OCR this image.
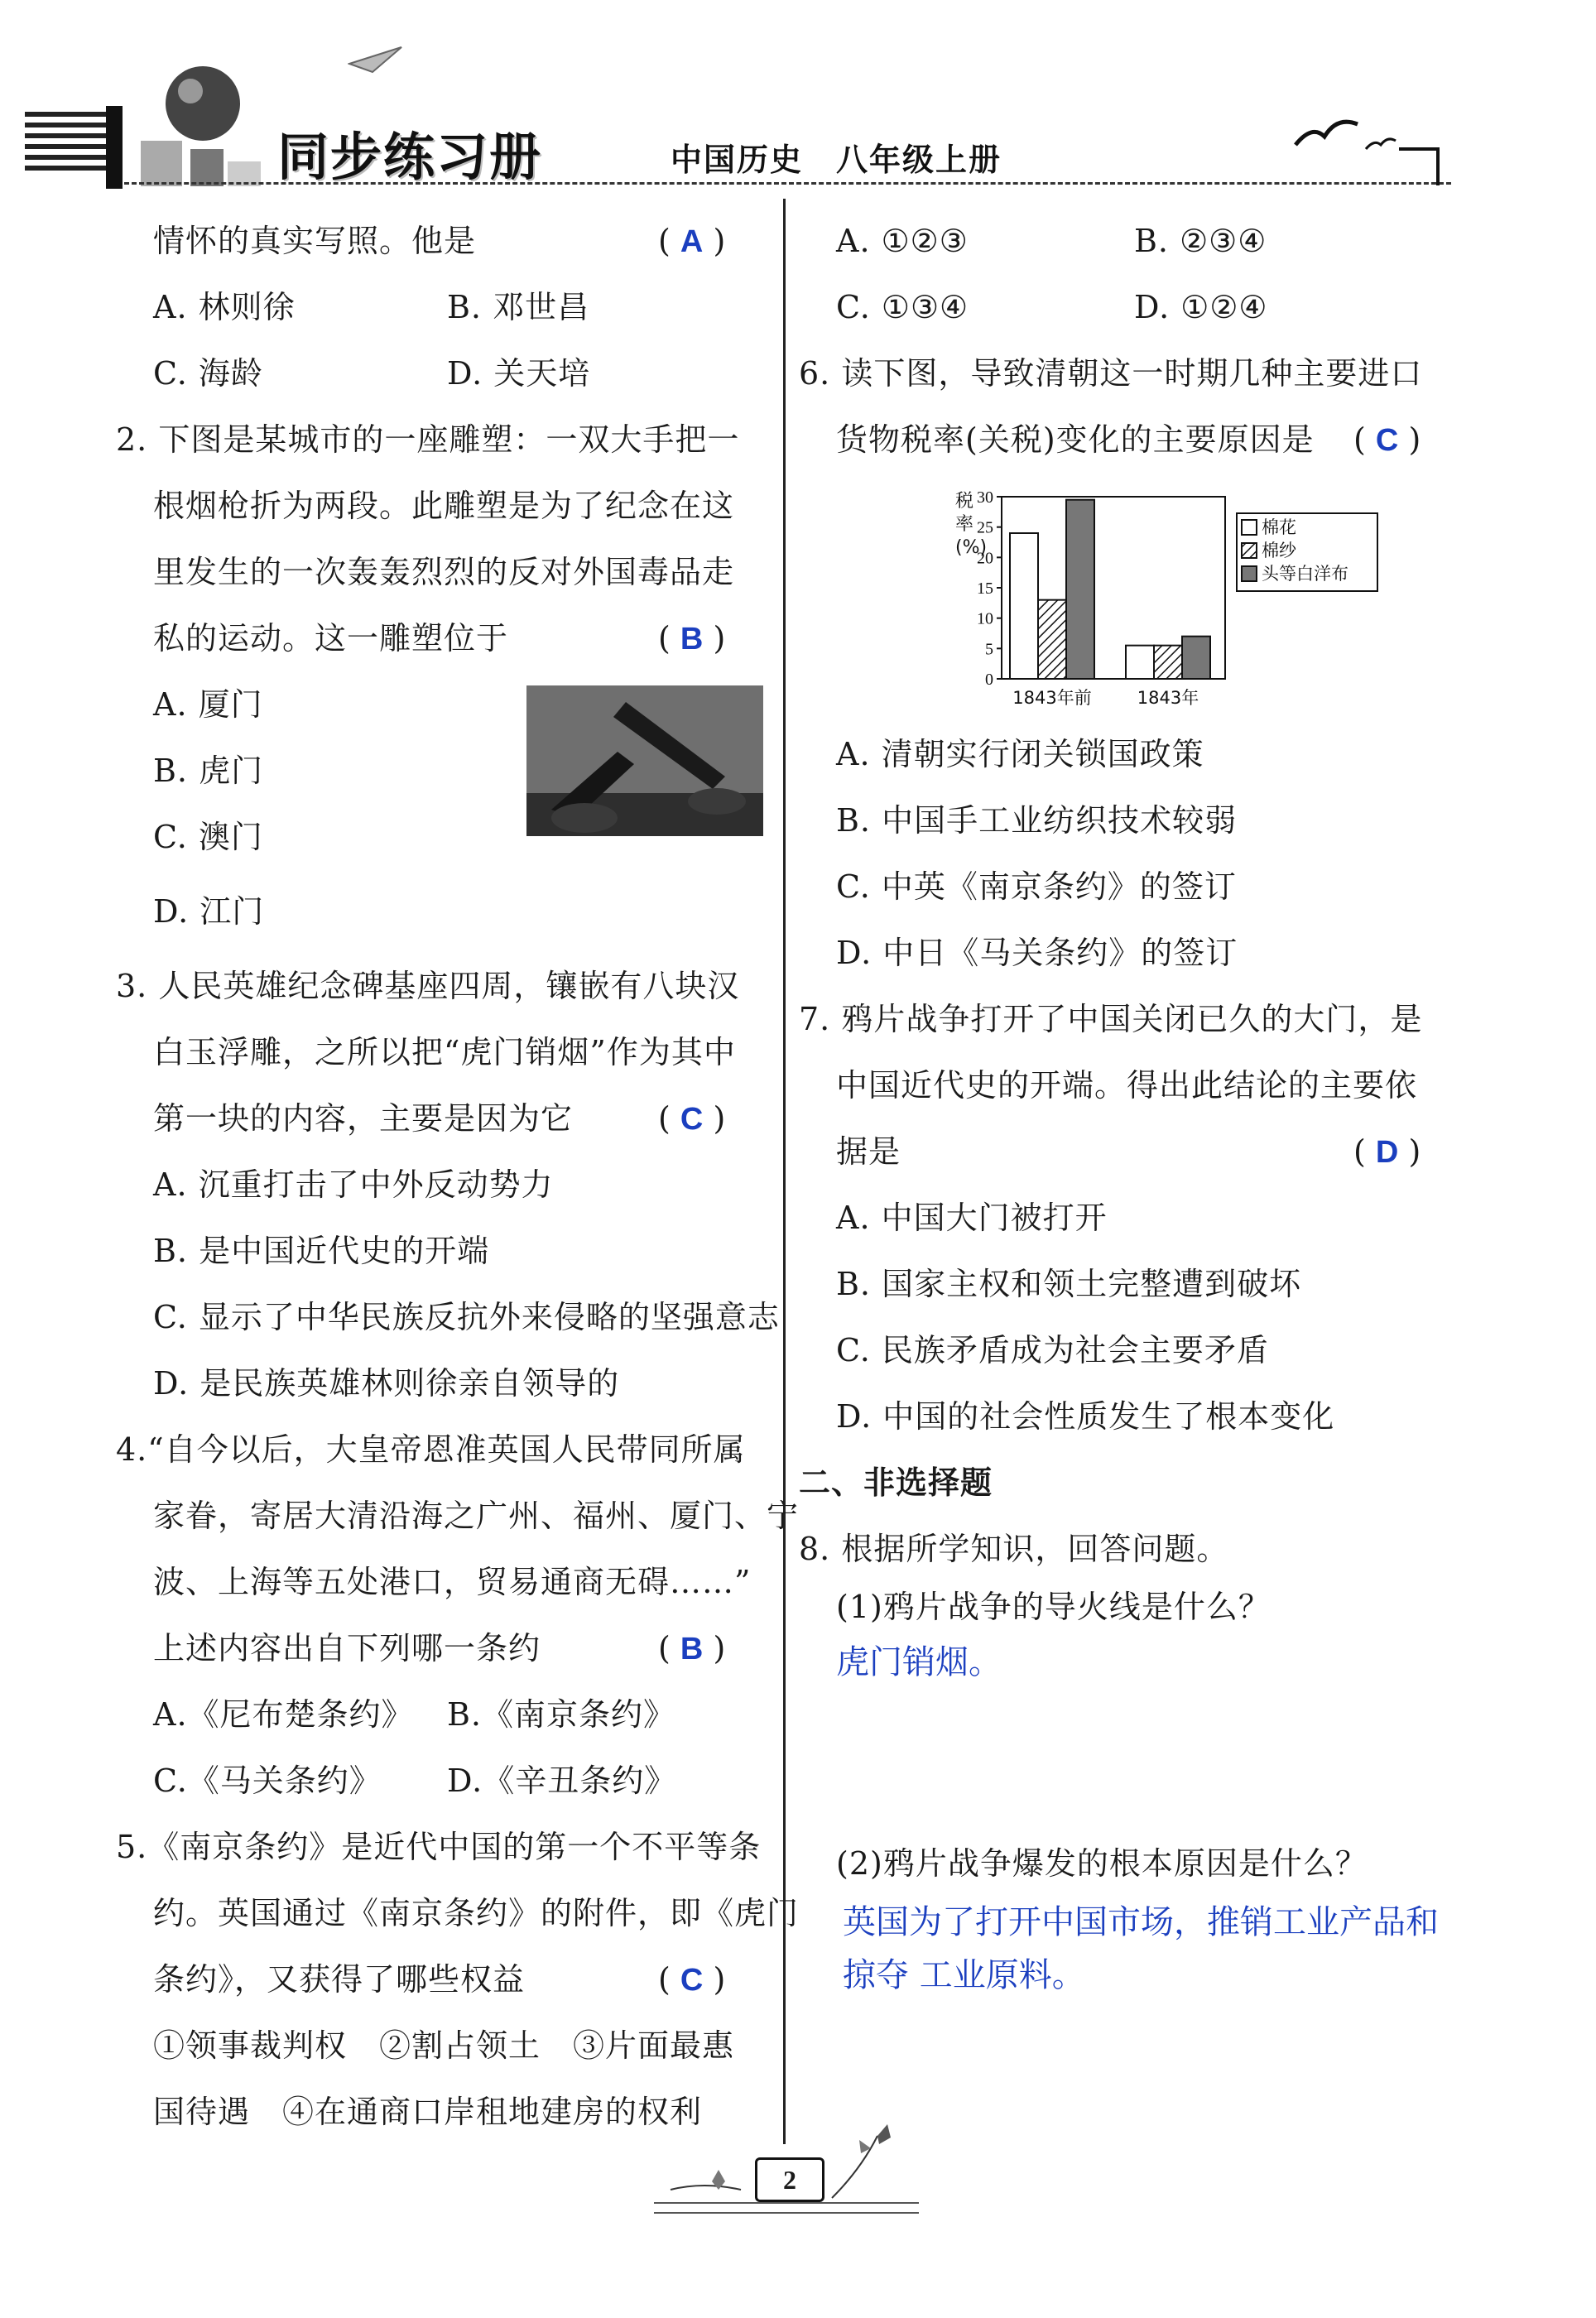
同步练习册	中国历史　八年级上册
情怀的真实写照。他是	( A )
A. 林则徐	B. 邓世昌
C. 海龄	D. 关天培
2. 下图是某城市的一座雕塑：一双大手把一
根烟枪折为两段。此雕塑是为了纪念在这
里发生的一次轰轰烈烈的反对外国毒品走
私的运动。这一雕塑位于	( B )
A. 厦门
B. 虎门
C. 澳门
D. 江门
3. 人民英雄纪念碑基座四周，镶嵌有八块汉
白玉浮雕，之所以把“虎门销烟”作为其中
第一块的内容，主要是因为它	( C )
A. 沉重打击了中外反动势力
B. 是中国近代史的开端
C. 显示了中华民族反抗外来侵略的坚强意志
D. 是民族英雄林则徐亲自领导的
4.“自今以后，大皇帝恩准英国人民带同所属
家眷，寄居大清沿海之广州、福州、厦门、宁
波、上海等五处港口，贸易通商无碍……”
上述内容出自下列哪一条约	( B )
A.《尼布楚条约》 B.《南京条约》
C.《马关条约》 D.《辛丑条约》
5.《南京条约》是近代中国的第一个不平等条
约。英国通过《南京条约》的附件，即《虎门
条约》，又获得了哪些权益	( C )
①领事裁判权　②割占领土　③片面最惠
国待遇　④在通商口岸租地建房的权利
A. ①②③	B. ②③④
C. ①③④	D. ①②④
6. 读下图，导致清朝这一时期几种主要进口
货物税率(关税)变化的主要原因是 ( C )
税
率
(%)
0
5
10
15
20
25
30
1843年前	1843年
棉花
棉纱
头等白洋布
A. 清朝实行闭关锁国政策
B. 中国手工业纺织技术较弱
C. 中英《南京条约》的签订
D. 中日《马关条约》的签订
7. 鸦片战争打开了中国关闭已久的大门，是
中国近代史的开端。得出此结论的主要依
据是	( D )
A. 中国大门被打开
B. 国家主权和领土完整遭到破坏
C. 民族矛盾成为社会主要矛盾
D. 中国的社会性质发生了根本变化
二、非选择题
8. 根据所学知识，回答问题。
(1)鸦片战争的导火线是什么？
虎门销烟。
(2)鸦片战争爆发的根本原因是什么？
英国为了打开中国市场，推销工业产品和
掠夺 工业原料。
2
